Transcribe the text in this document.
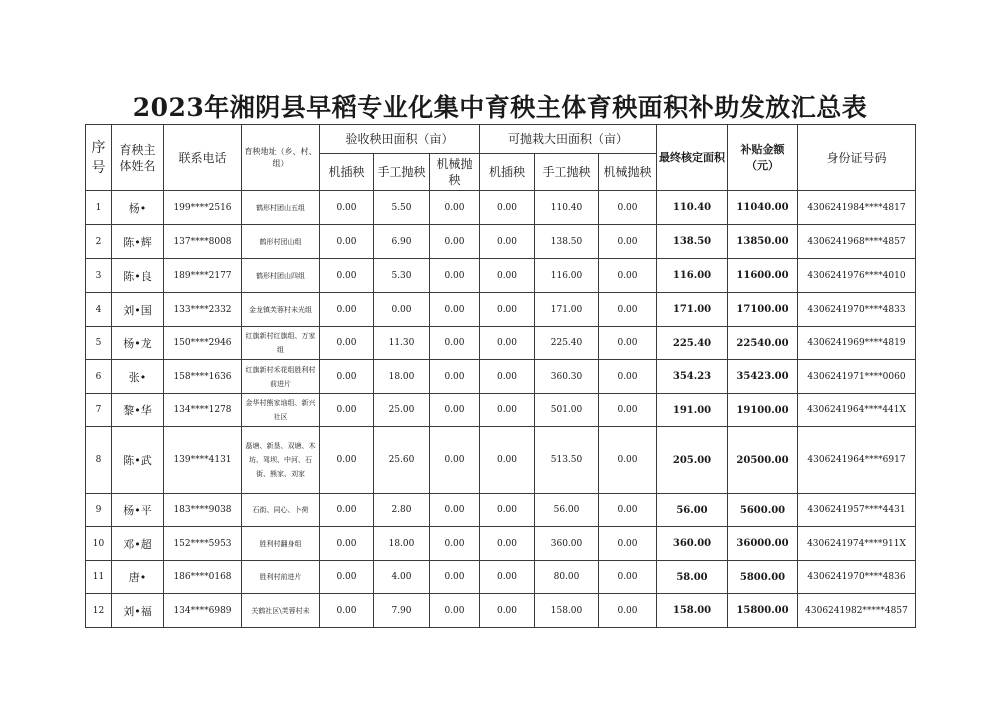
2023年湘阴县早稻专业化集中育秧主体育秧面积补助发放汇总表
序号	育秧主体姓名	联系电话	育秧地址（乡、村、组）	验收秧田面积（亩）			可抛栽大田面积（亩）			最终核定面积	补贴金额（元）	身份证号码
				机插秧	手工抛秧	机械抛秧	机插秧	手工抛秧	机械抛秧			
1	杨•	199****2516	鹤形村团山五组	0.00	5.50	0.00	0.00	110.40	0.00	110.40	11040.00	4306241984****4817
2	陈•辉	137****8008	鹤形村団山组	0.00	6.90	0.00	0.00	138.50	0.00	138.50	13850.00	4306241968****4857
3	陈•良	189****2177	鹤形村团山四组	0.00	5.30	0.00	0.00	116.00	0.00	116.00	11600.00	4306241976****4010
4	刘•国	133****2332	金龙镇芙蓉村未光组	0.00	0.00	0.00	0.00	171.00	0.00	171.00	17100.00	4306241970****4833
5	杨•龙	150****2946	红旗新村红旗组、万家组	0.00	11.30	0.00	0.00	225.40	0.00	225.40	22540.00	4306241969****4819
6	张•	158****1636	红旗新村禾花组胜利村前进片	0.00	18.00	0.00	0.00	360.30	0.00	354.23	35423.00	4306241971****0060
7	黎•华	134****1278	金华村熊家垴组、新兴社区	0.00	25.00	0.00	0.00	501.00	0.00	191.00	19100.00	4306241964****441X
8	陈•武	139****4131	磊塘、新垦、双塘、木坊、驾坝、中河、石街、熊家、刘家	0.00	25.60	0.00	0.00	513.50	0.00	205.00	20500.00	4306241964****6917
9	杨•平	183****9038	石街、同心、卜荷	0.00	2.80	0.00	0.00	56.00	0.00	56.00	5600.00	4306241957****4431
10	邓•超	152****5953	胜利村翻身组	0.00	18.00	0.00	0.00	360.00	0.00	360.00	36000.00	4306241974****911X
11	唐•	186****0168	胜利村前进片	0.00	4.00	0.00	0.00	80.00	0.00	58.00	5800.00	4306241970****4836
12	刘•福	134****6989	关鹤社区\芙蓉村未	0.00	7.90	0.00	0.00	158.00	0.00	158.00	15800.00	4306241982*****4857
